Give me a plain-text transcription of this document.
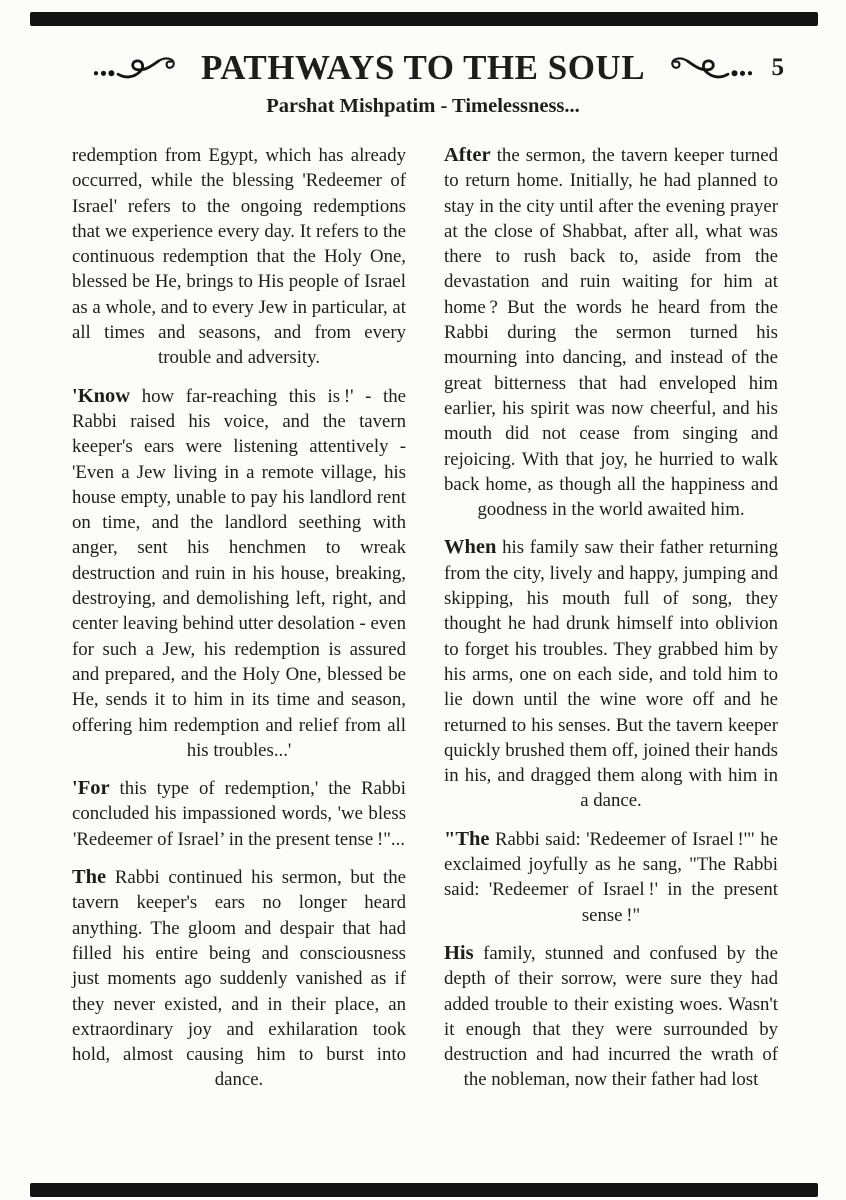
PATHWAYS TO THE SOUL	5
Parshat Mishpatim - Timelessness...

redemption from Egypt, which has already occurred, while the blessing 'Redeemer of Israel' refers to the ongoing redemptions that we experience every day. It refers to the continuous redemption that the Holy One, blessed be He, brings to His people of Israel as a whole, and to every Jew in particular, at all times and seasons, and from every trouble and adversity.

'Know how far-reaching this is !' - the Rabbi raised his voice, and the tavern keeper's ears were listening attentively - 'Even a Jew living in a remote village, his house empty, unable to pay his landlord rent on time, and the landlord seething with anger, sent his henchmen to wreak destruction and ruin in his house, breaking, destroying, and demolishing left, right, and center leaving behind utter desolation - even for such a Jew, his redemption is assured and prepared, and the Holy One, blessed be He, sends it to him in its time and season, offering him redemption and relief from all his troubles...'

'For this type of redemption,' the Rabbi concluded his impassioned words, 'we bless 'Redeemer of Israel’ in the present tense !"...

The Rabbi continued his sermon, but the tavern keeper's ears no longer heard anything. The gloom and despair that had filled his entire being and consciousness just moments ago suddenly vanished as if they never existed, and in their place, an extraordinary joy and exhilaration took hold, almost causing him to burst into dance.

After the sermon, the tavern keeper turned to return home. Initially, he had planned to stay in the city until after the evening prayer at the close of Shabbat, after all, what was there to rush back to, aside from the devastation and ruin waiting for him at home ? But the words he heard from the Rabbi during the sermon turned his mourning into dancing, and instead of the great bitterness that had enveloped him earlier, his spirit was now cheerful, and his mouth did not cease from singing and rejoicing. With that joy, he hurried to walk back home, as though all the happiness and goodness in the world awaited him.

When his family saw their father returning from the city, lively and happy, jumping and skipping, his mouth full of song, they thought he had drunk himself into oblivion to forget his troubles. They grabbed him by his arms, one on each side, and told him to lie down until the wine wore off and he returned to his senses. But the tavern keeper quickly brushed them off, joined their hands in his, and dragged them along with him in a dance.

"The Rabbi said: 'Redeemer of Israel !'" he exclaimed joyfully as he sang, "The Rabbi said: 'Redeemer of Israel !' in the present sense !"

His family, stunned and confused by the depth of their sorrow, were sure they had added trouble to their existing woes. Wasn't it enough that they were surrounded by destruction and had incurred the wrath of the nobleman, now their father had lost
